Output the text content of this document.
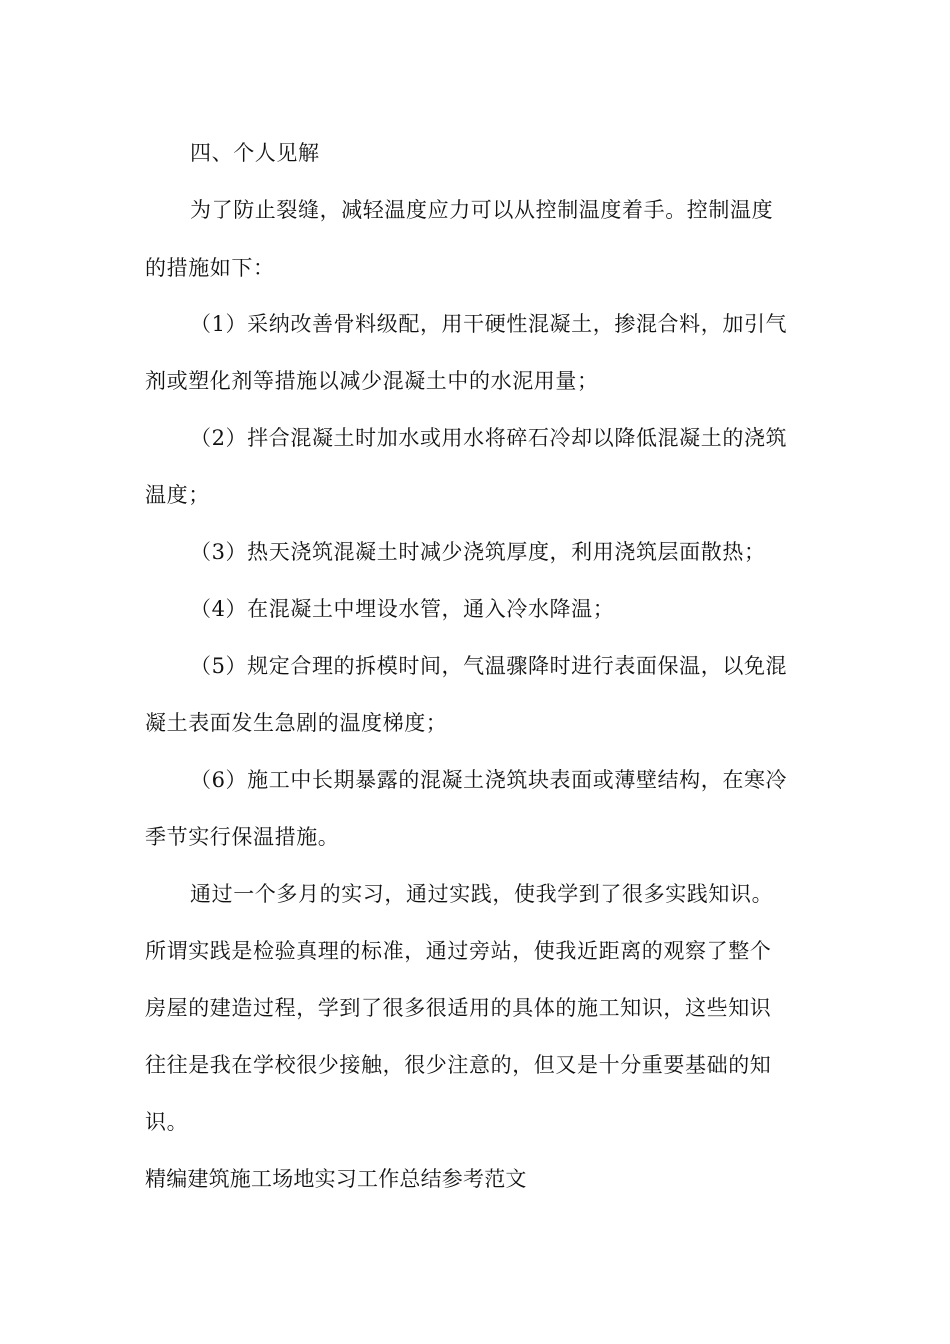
四、个人见解
为了防止裂缝，减轻温度应力可以从控制温度着手。控制温度
的措施如下：
（1）采纳改善骨料级配，用干硬性混凝土，掺混合料，加引气
剂或塑化剂等措施以减少混凝土中的水泥用量；
（2）拌合混凝土时加水或用水将碎石冷却以降低混凝土的浇筑
温度；
（3）热天浇筑混凝土时减少浇筑厚度，利用浇筑层面散热；
（4）在混凝土中埋设水管，通入冷水降温；
（5）规定合理的拆模时间，气温骤降时进行表面保温，以免混
凝土表面发生急剧的温度梯度；
（6）施工中长期暴露的混凝土浇筑块表面或薄壁结构，在寒冷
季节实行保温措施。
通过一个多月的实习，通过实践，使我学到了很多实践知识。
所谓实践是检验真理的标准，通过旁站，使我近距离的观察了整个
房屋的建造过程，学到了很多很适用的具体的施工知识，这些知识
往往是我在学校很少接触，很少注意的，但又是十分重要基础的知
识。
精编建筑施工场地实习工作总结参考范文
